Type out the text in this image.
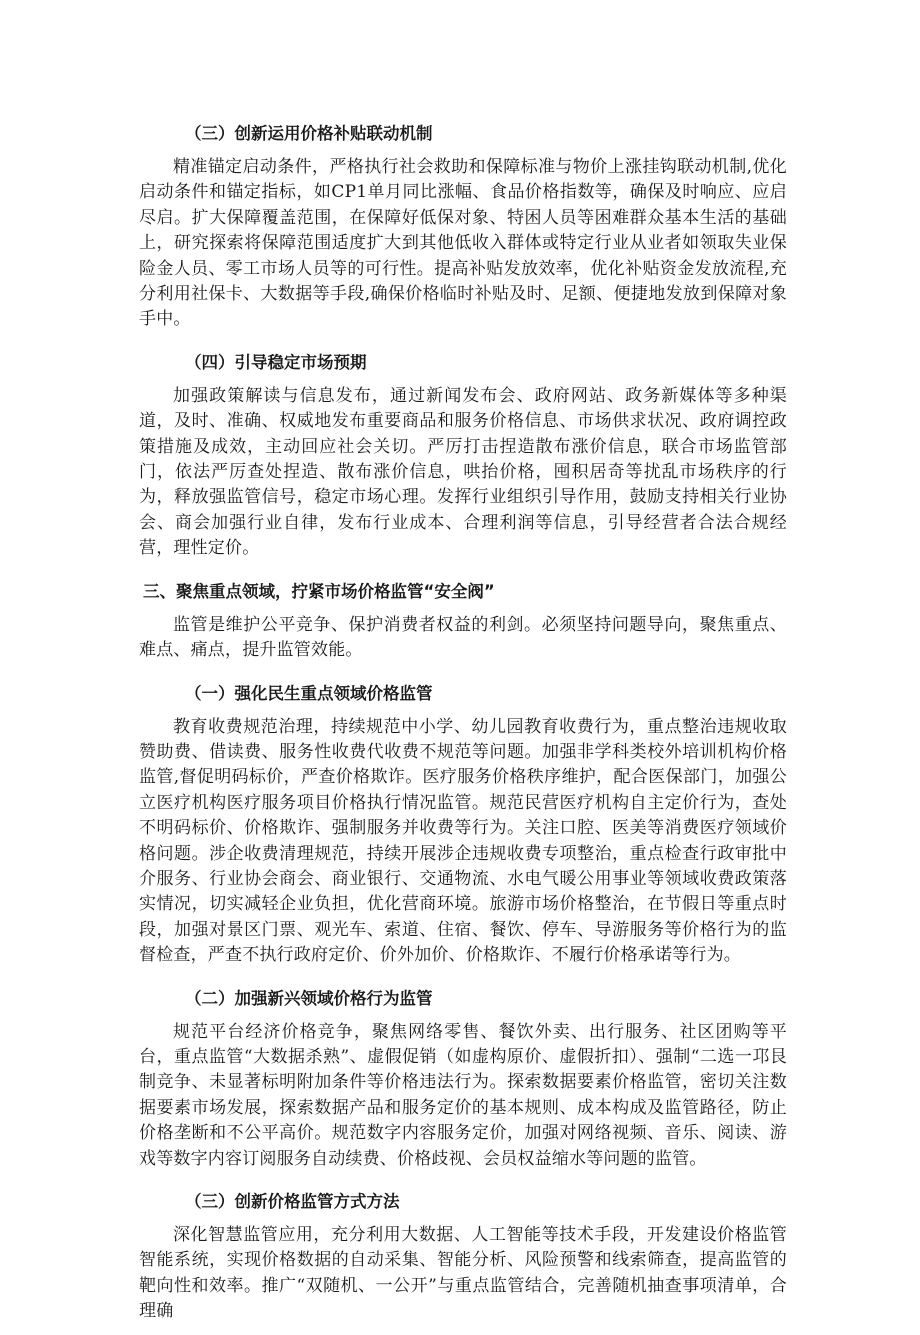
（三）创新运用价格补贴联动机制

精准锚定启动条件，严格执行社会救助和保障标准与物价上涨挂钩联动机制,优化启动条件和锚定指标，如CP1单月同比涨幅、食品价格指数等，确保及时响应、应启尽启。扩大保障覆盖范围，在保障好低保对象、特困人员等困难群众基本生活的基础上，研究探索将保障范围适度扩大到其他低收入群体或特定行业从业者如领取失业保险金人员、零工市场人员等的可行性。提高补贴发放效率，优化补贴资金发放流程,充分利用社保卡、大数据等手段,确保价格临时补贴及时、足额、便捷地发放到保障对象手中。

（四）引导稳定市场预期

加强政策解读与信息发布，通过新闻发布会、政府网站、政务新媒体等多种渠道，及时、准确、权威地发布重要商品和服务价格信息、市场供求状况、政府调控政策措施及成效，主动回应社会关切。严厉打击捏造散布涨价信息，联合市场监管部门，依法严厉查处捏造、散布涨价信息，哄抬价格，囤积居奇等扰乱市场秩序的行为，释放强监管信号，稳定市场心理。发挥行业组织引导作用，鼓励支持相关行业协会、商会加强行业自律，发布行业成本、合理利润等信息，引导经营者合法合规经营，理性定价。

三、聚焦重点领域，拧紧市场价格监管“安全阀”

监管是维护公平竞争、保护消费者权益的利剑。必须坚持问题导向，聚焦重点、难点、痛点，提升监管效能。

（一）强化民生重点领域价格监管

教育收费规范治理，持续规范中小学、幼儿园教育收费行为，重点整治违规收取赞助费、借读费、服务性收费代收费不规范等问题。加强非学科类校外培训机构价格监管,督促明码标价，严查价格欺诈。医疗服务价格秩序维护，配合医保部门，加强公立医疗机构医疗服务项目价格执行情况监管。规范民营医疗机构自主定价行为，查处不明码标价、价格欺诈、强制服务并收费等行为。关注口腔、医美等消费医疗领域价格问题。涉企收费清理规范，持续开展涉企违规收费专项整治，重点检查行政审批中介服务、行业协会商会、商业银行、交通物流、水电气暖公用事业等领域收费政策落实情况，切实减轻企业负担，优化营商环境。旅游市场价格整治，在节假日等重点时段，加强对景区门票、观光车、索道、住宿、餐饮、停车、导游服务等价格行为的监督检查，严查不执行政府定价、价外加价、价格欺诈、不履行价格承诺等行为。

（二）加强新兴领域价格行为监管

规范平台经济价格竞争，聚焦网络零售、餐饮外卖、出行服务、社区团购等平台，重点监管“大数据杀熟”、虚假促销（如虚构原价、虚假折扣）、强制“二选一邛艮制竞争、未显著标明附加条件等价格违法行为。探索数据要素价格监管，密切关注数据要素市场发展，探索数据产品和服务定价的基本规则、成本构成及监管路径，防止价格垄断和不公平高价。规范数字内容服务定价，加强对网络视频、音乐、阅读、游戏等数字内容订阅服务自动续费、价格歧视、会员权益缩水等问题的监管。

（三）创新价格监管方式方法

深化智慧监管应用，充分利用大数据、人工智能等技术手段，开发建设价格监管智能系统，实现价格数据的自动采集、智能分析、风险预警和线索筛查，提高监管的靶向性和效率。推广“双随机、一公开”与重点监管结合，完善随机抽查事项清单，合理确
